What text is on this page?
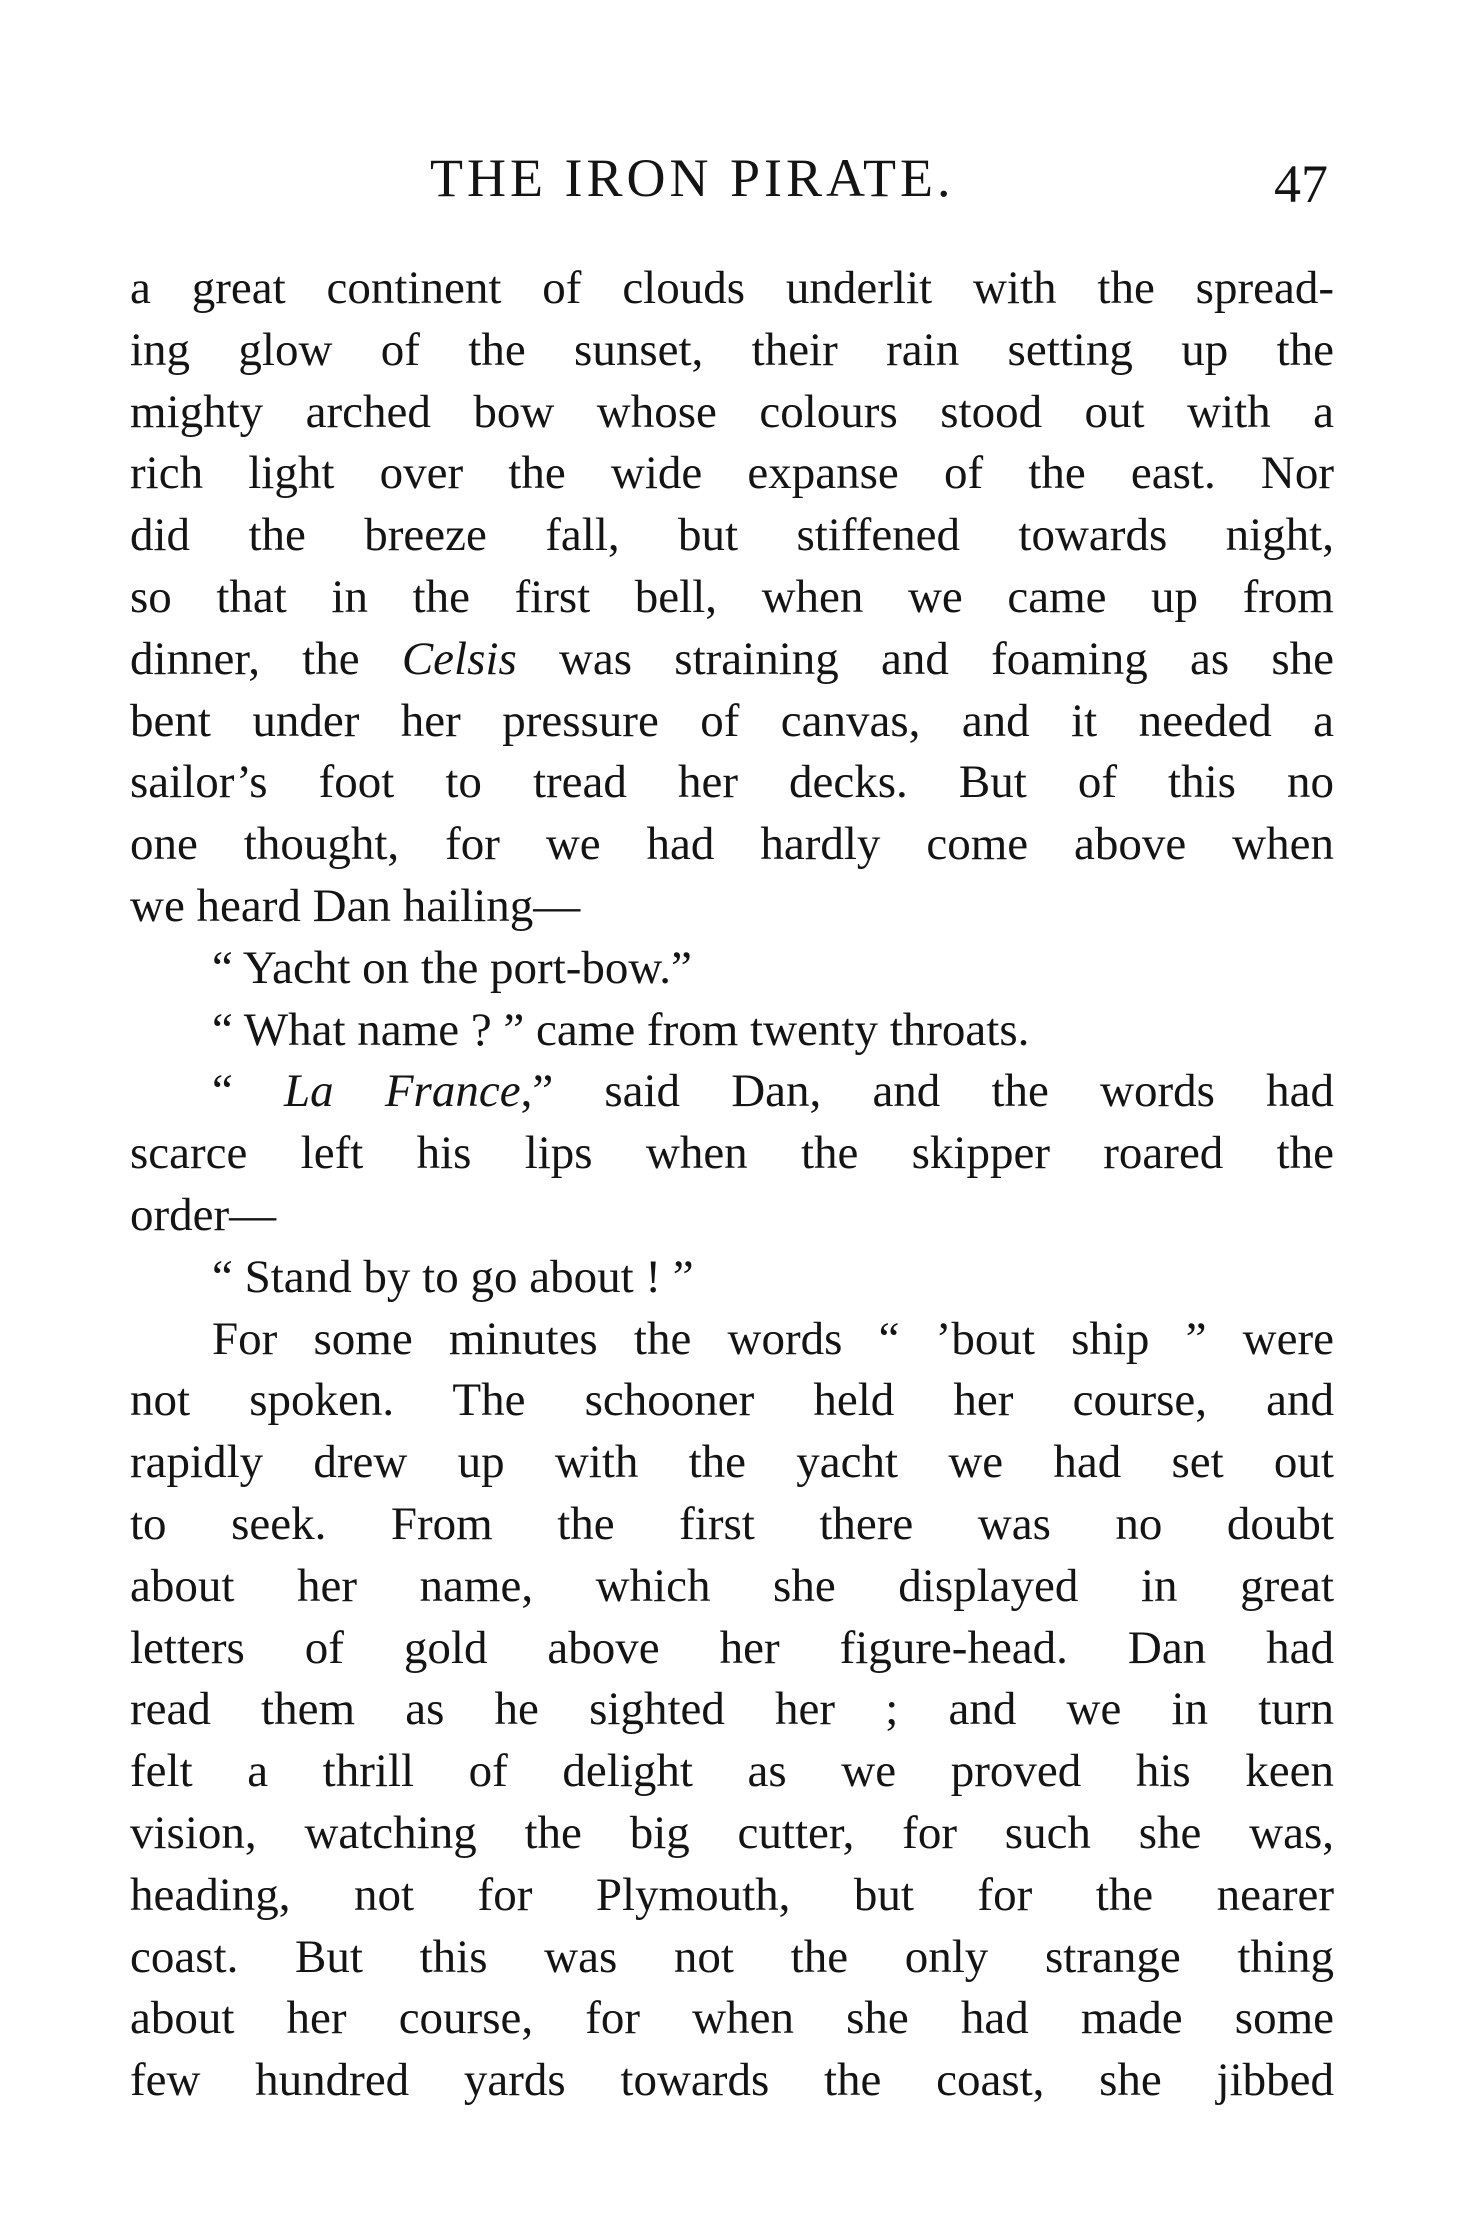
THE IRON PIRATE.	47
a great continent of clouds underlit with the spread-
ing glow of the sunset, their rain setting up the
mighty arched bow whose colours stood out with a
rich light over the wide expanse of the east. Nor
did the breeze fall, but stiffened towards night,
so that in the first bell, when we came up from
dinner, the Celsis was straining and foaming as she
bent under her pressure of canvas, and it needed a
sailor’s foot to tread her decks. But of this no
one thought, for we had hardly come above when
we heard Dan hailing—
“ Yacht on the port-bow.”
“ What name ? ” came from twenty throats.
“ La France,” said Dan, and the words had
scarce left his lips when the skipper roared the
order—
“ Stand by to go about ! ”
For some minutes the words “ ’bout ship ” were
not spoken. The schooner held her course, and
rapidly drew up with the yacht we had set out
to seek. From the first there was no doubt
about her name, which she displayed in great
letters of gold above her figure-head. Dan had
read them as he sighted her ; and we in turn
felt a thrill of delight as we proved his keen
vision, watching the big cutter, for such she was,
heading, not for Plymouth, but for the nearer
coast. But this was not the only strange thing
about her course, for when she had made some
few hundred yards towards the coast, she jibbed
